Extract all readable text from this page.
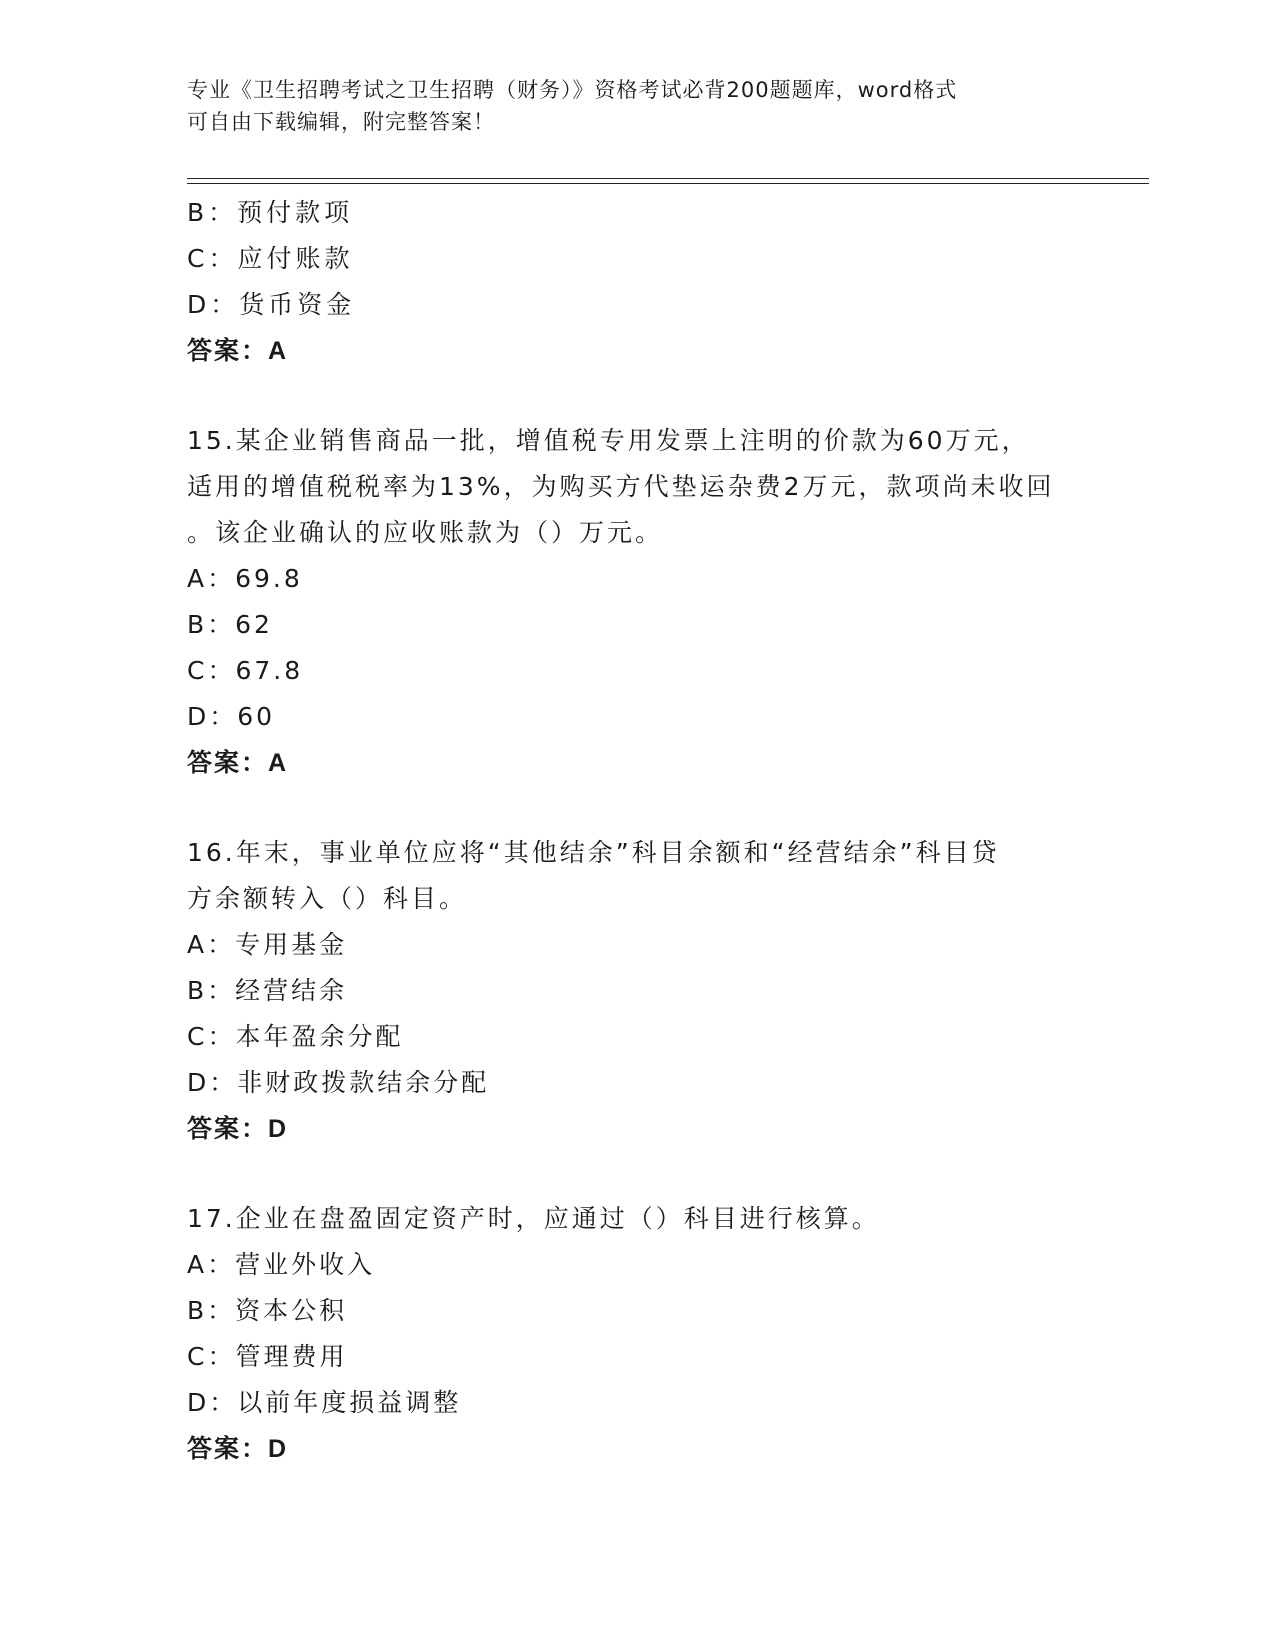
专业《卫生招聘考试之卫生招聘（财务）》资格考试必背200题题库，word格式
可自由下载编辑，附完整答案！
B：预付款项
C：应付账款
D：货币资金
答案：A
15.某企业销售商品一批，增值税专用发票上注明的价款为60万元，
适用的增值税税率为13%，为购买方代垫运杂费2万元，款项尚未收回
。该企业确认的应收账款为（）万元。
A：69.8
B：62
C：67.8
D：60
答案：A
16.年末，事业单位应将“其他结余”科目余额和“经营结余”科目贷
方余额转入（）科目。
A：专用基金
B：经营结余
C：本年盈余分配
D：非财政拨款结余分配
答案：D
17.企业在盘盈固定资产时，应通过（）科目进行核算。
A：营业外收入
B：资本公积
C：管理费用
D：以前年度损益调整
答案：D
